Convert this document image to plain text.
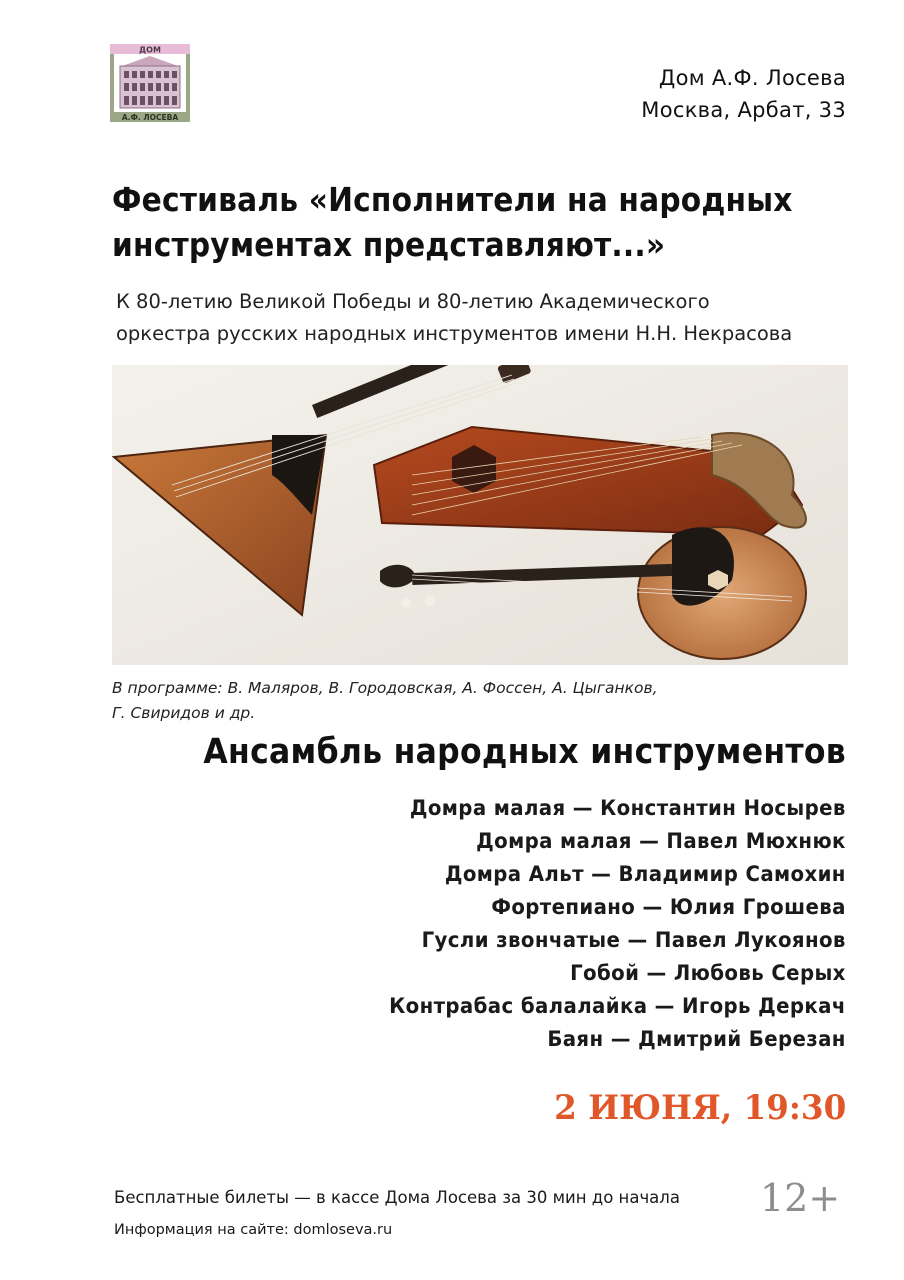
ДОМ
А.Ф. ЛОСЕВА
Дом А.Ф. Лосева
Москва, Арбат, 33
Фестиваль «Исполнители на народных
инструментах представляют...»
К 80-летию Великой Победы и 80-летию Академического
оркестра русских народных инструментов имени Н.Н. Некрасова
В программе: В. Маляров, В. Городовская, А. Фоссен, А. Цыганков,
Г. Свиридов и др.
Ансамбль народных инструментов
Домра малая — Константин Носырев
Домра малая — Павел Мюхнюк
Домра Альт — Владимир Самохин
Фортепиано — Юлия Грошева
Гусли звончатые — Павел Лукоянов
Гобой — Любовь Серых
Контрабас балалайка — Игорь Деркач
Баян — Дмитрий Березан
2 ИЮНЯ, 19:30
Бесплатные билеты — в кассе Дома Лосева за 30 мин до начала
Информация на сайте: domloseva.ru
12+
